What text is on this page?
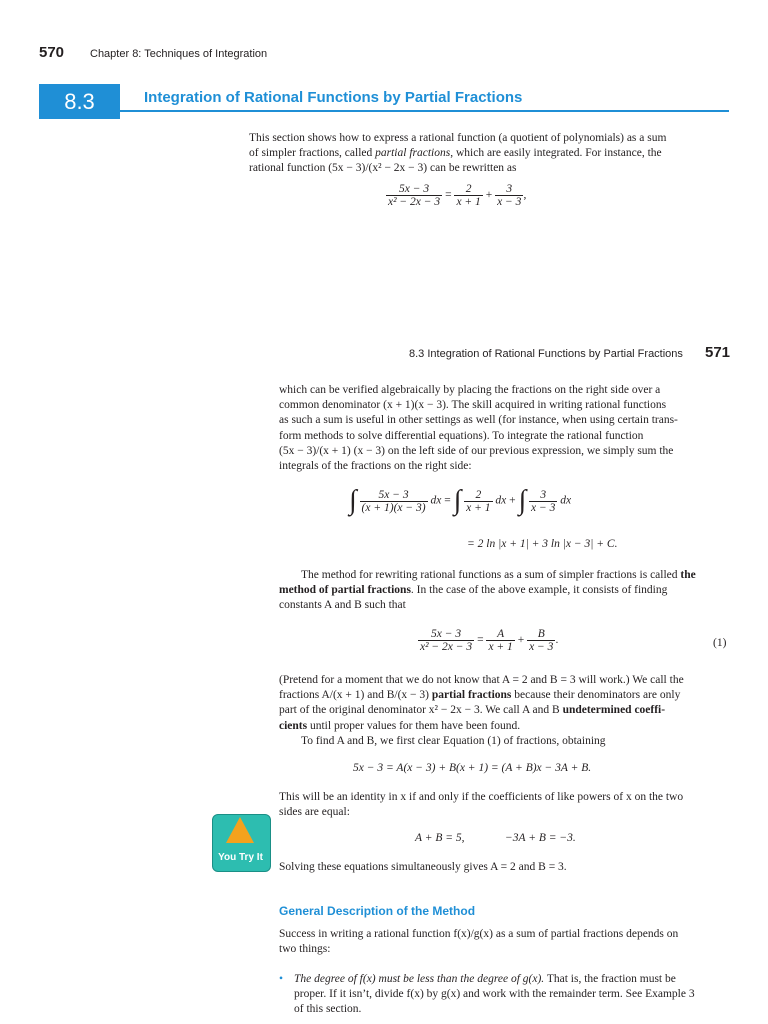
570 Chapter 8: Techniques of Integration
8.3	Integration of Rational Functions by Partial Fractions
This section shows how to express a rational function (a quotient of polynomials) as a sum
of simpler fractions, called partial fractions, which are easily integrated. For instance, the
rational function (5x − 3)/(x² − 2x − 3) can be rewritten as
$\frac{5x - 3}{\text{x² − 2x − 3}} = \frac{2}{x + 1} + \frac{3}{x - 3}$ ,
8.3 Integration of Rational Functions by Partial Fractions 571
which can be verified algebraically by placing the fractions on the right side over a
common denominator (x + 1)(x − 3). The skill acquired in writing rational functions
as such a sum is useful in other settings as well (for instance, when using certain trans-
form methods to solve differential equations). To integrate the rational function
(5x − 3)/(x + 1) (x − 3) on the left side of our previous expression, we simply sum the
integrals of the fractions on the right side:
∫ $\frac{5x - 3}{(x + 1)(x - 3)}$ dx = ∫ $\frac{2}{x + 1}$ dx + ∫ $\frac{3}{x - 3}$ dx
= 2 ln |x + 1| + 3 ln |x − 3| + C.
The method for rewriting rational functions as a sum of simpler fractions is called the
method of partial fractions. In the case of the above example, it consists of finding
constants A and B such that
$\frac{5x - 3}{\text{x² − 2x − 3}} = \frac{A}{x + 1} + \frac{B}{x - 3}$ .	(1)
(Pretend for a moment that we do not know that A = 2 and B = 3 will work.) We call the
fractions A/(x + 1) and B/(x − 3) partial fractions because their denominators are only
part of the original denominator x² − 2x − 3. We call A and B undetermined coeffi-
cients until proper values for them have been found.
To find A and B, we first clear Equation (1) of fractions, obtaining
5x − 3 = A(x − 3) + B(x + 1) = (A + B)x − 3A + B.
This will be an identity in x if and only if the coefficients of like powers of x on the two
sides are equal:
A + B = 5,	−3A + B = −3.
You Try It
Solving these equations simultaneously gives A = 2 and B = 3.
General Description of the Method
Success in writing a rational function f(x)/g(x) as a sum of partial fractions depends on
two things:
• The degree of f(x) must be less than the degree of g(x). That is, the fraction must be
proper. If it isn’t, divide f(x) by g(x) and work with the remainder term. See Example 3
of this section.
